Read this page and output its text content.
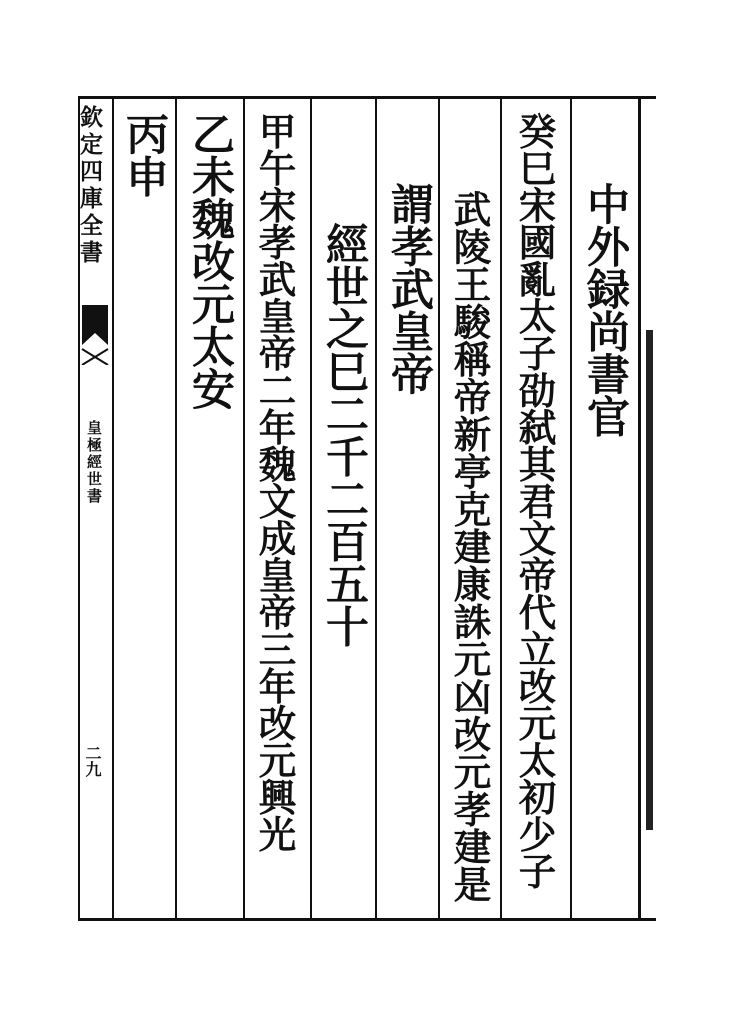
欽定四庫全書
皇極經世書
二九
中外録尚書官
癸巳宋國亂太子劭弑其君文帝代立改元太初少子
武陵王駿稱帝新亭克建康誅元凶改元孝建是
謂孝武皇帝
經世之巳二千二百五十
甲午宋孝武皇帝二年魏文成皇帝三年改元興光
乙未魏改元太安
丙申
